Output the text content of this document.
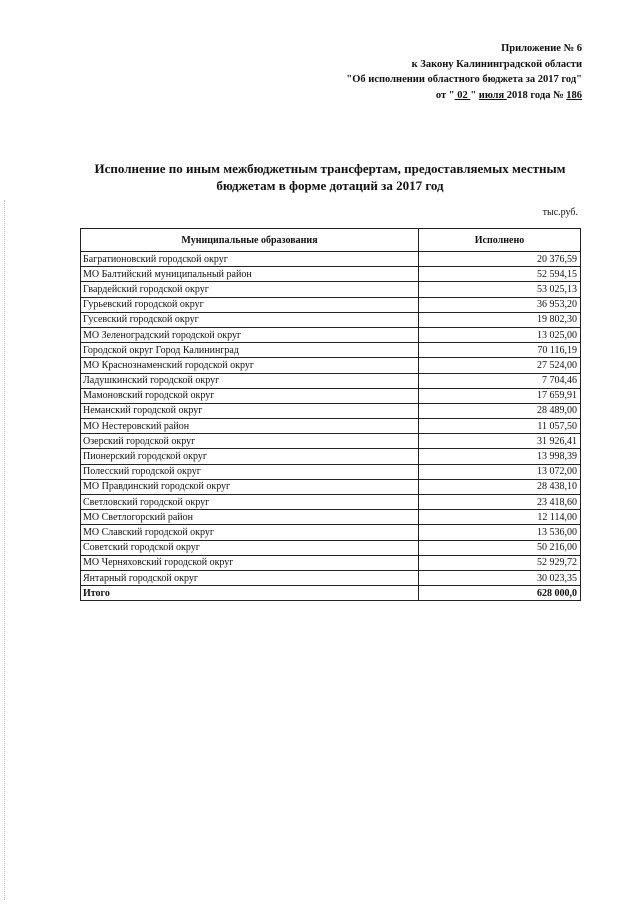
Приложение № 6
к Закону Калининградской области
"Об исполнении областного бюджета за 2017 год"
от " 02 " июля 2018 года № 186
Исполнение по иным межбюджетным трансфертам, предоставляемых местным
бюджетам в форме дотаций за 2017 год
тыс.руб.
Муниципальные образования	Исполнено
Багратионовский городской округ	20 376,59
МО Балтийский муниципальный район	52 594,15
Гвардейский городской округ	53 025,13
Гурьевский городской округ	36 953,20
Гусевский городской округ	19 802,30
МО Зеленоградский городской округ	13 025,00
Городской округ Город Калининград	70 116,19
МО Краснознаменский городской округ	27 524,00
Ладушкинский городской округ	7 704,46
Мамоновский городской округ	17 659,91
Неманский городской округ	28 489,00
МО Нестеровский район	11 057,50
Озерский городской округ	31 926,41
Пионерский городской округ	13 998,39
Полесский городской округ	13 072,00
МО Правдинский городской округ	28 438,10
Светловский городской округ	23 418,60
МО Светлогорский район	12 114,00
МО Славский городской округ	13 536,00
Советский городской округ	50 216,00
МО Черняховский городской округ	52 929,72
Янтарный городской округ	30 023,35
Итого	628 000,0
